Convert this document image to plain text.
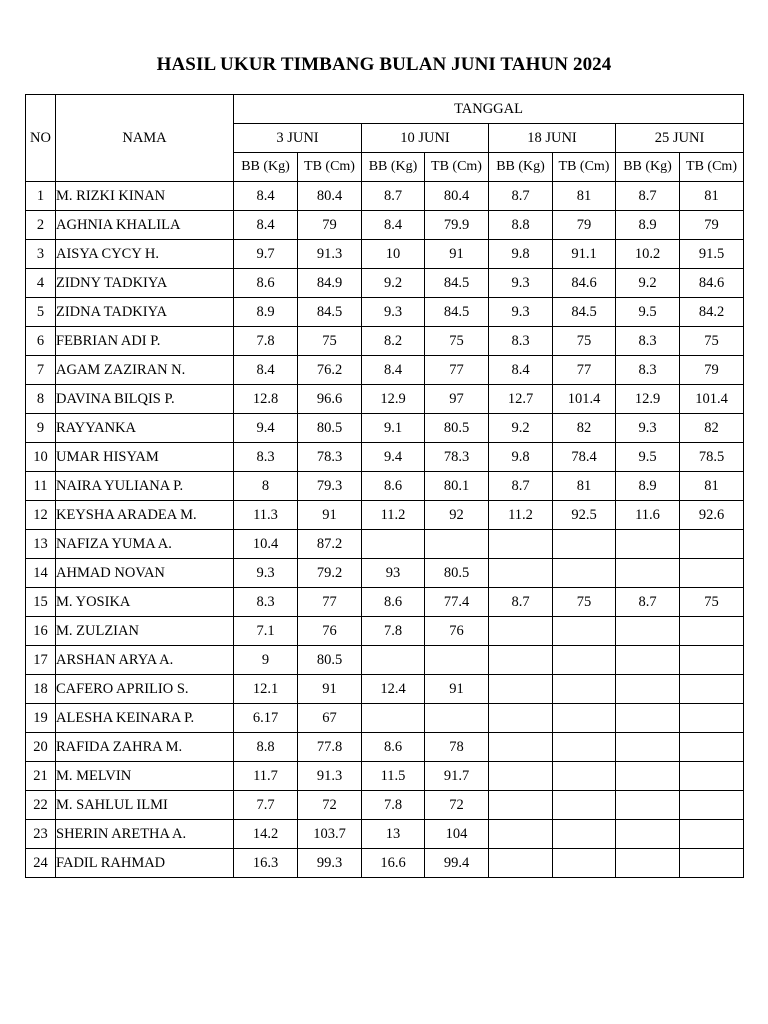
HASIL UKUR TIMBANG BULAN JUNI TAHUN 2024
NO	NAMA	TANGGAL							
		3 JUNI		10 JUNI		18 JUNI		25 JUNI	
		BB (Kg)	TB (Cm)	BB (Kg)	TB (Cm)	BB (Kg)	TB (Cm)	BB (Kg)	TB (Cm)
1	M. RIZKI KINAN	8.4	80.4	8.7	80.4	8.7	81	8.7	81
2	AGHNIA KHALILA	8.4	79	8.4	79.9	8.8	79	8.9	79
3	AISYA CYCY H.	9.7	91.3	10	91	9.8	91.1	10.2	91.5
4	ZIDNY TADKIYA	8.6	84.9	9.2	84.5	9.3	84.6	9.2	84.6
5	ZIDNA TADKIYA	8.9	84.5	9.3	84.5	9.3	84.5	9.5	84.2
6	FEBRIAN ADI P.	7.8	75	8.2	75	8.3	75	8.3	75
7	AGAM ZAZIRAN N.	8.4	76.2	8.4	77	8.4	77	8.3	79
8	DAVINA BILQIS P.	12.8	96.6	12.9	97	12.7	101.4	12.9	101.4
9	RAYYANKA	9.4	80.5	9.1	80.5	9.2	82	9.3	82
10	UMAR HISYAM	8.3	78.3	9.4	78.3	9.8	78.4	9.5	78.5
11	NAIRA YULIANA P.	8	79.3	8.6	80.1	8.7	81	8.9	81
12	KEYSHA ARADEA M.	11.3	91	11.2	92	11.2	92.5	11.6	92.6
13	NAFIZA YUMA A.	10.4	87.2						
14	AHMAD NOVAN	9.3	79.2	93	80.5				
15	M. YOSIKA	8.3	77	8.6	77.4	8.7	75	8.7	75
16	M. ZULZIAN	7.1	76	7.8	76				
17	ARSHAN ARYA A.	9	80.5						
18	CAFERO APRILIO S.	12.1	91	12.4	91				
19	ALESHA KEINARA P.	6.17	67						
20	RAFIDA ZAHRA M.	8.8	77.8	8.6	78				
21	M. MELVIN	11.7	91.3	11.5	91.7				
22	M. SAHLUL ILMI	7.7	72	7.8	72				
23	SHERIN ARETHA A.	14.2	103.7	13	104				
24	FADIL RAHMAD	16.3	99.3	16.6	99.4				
